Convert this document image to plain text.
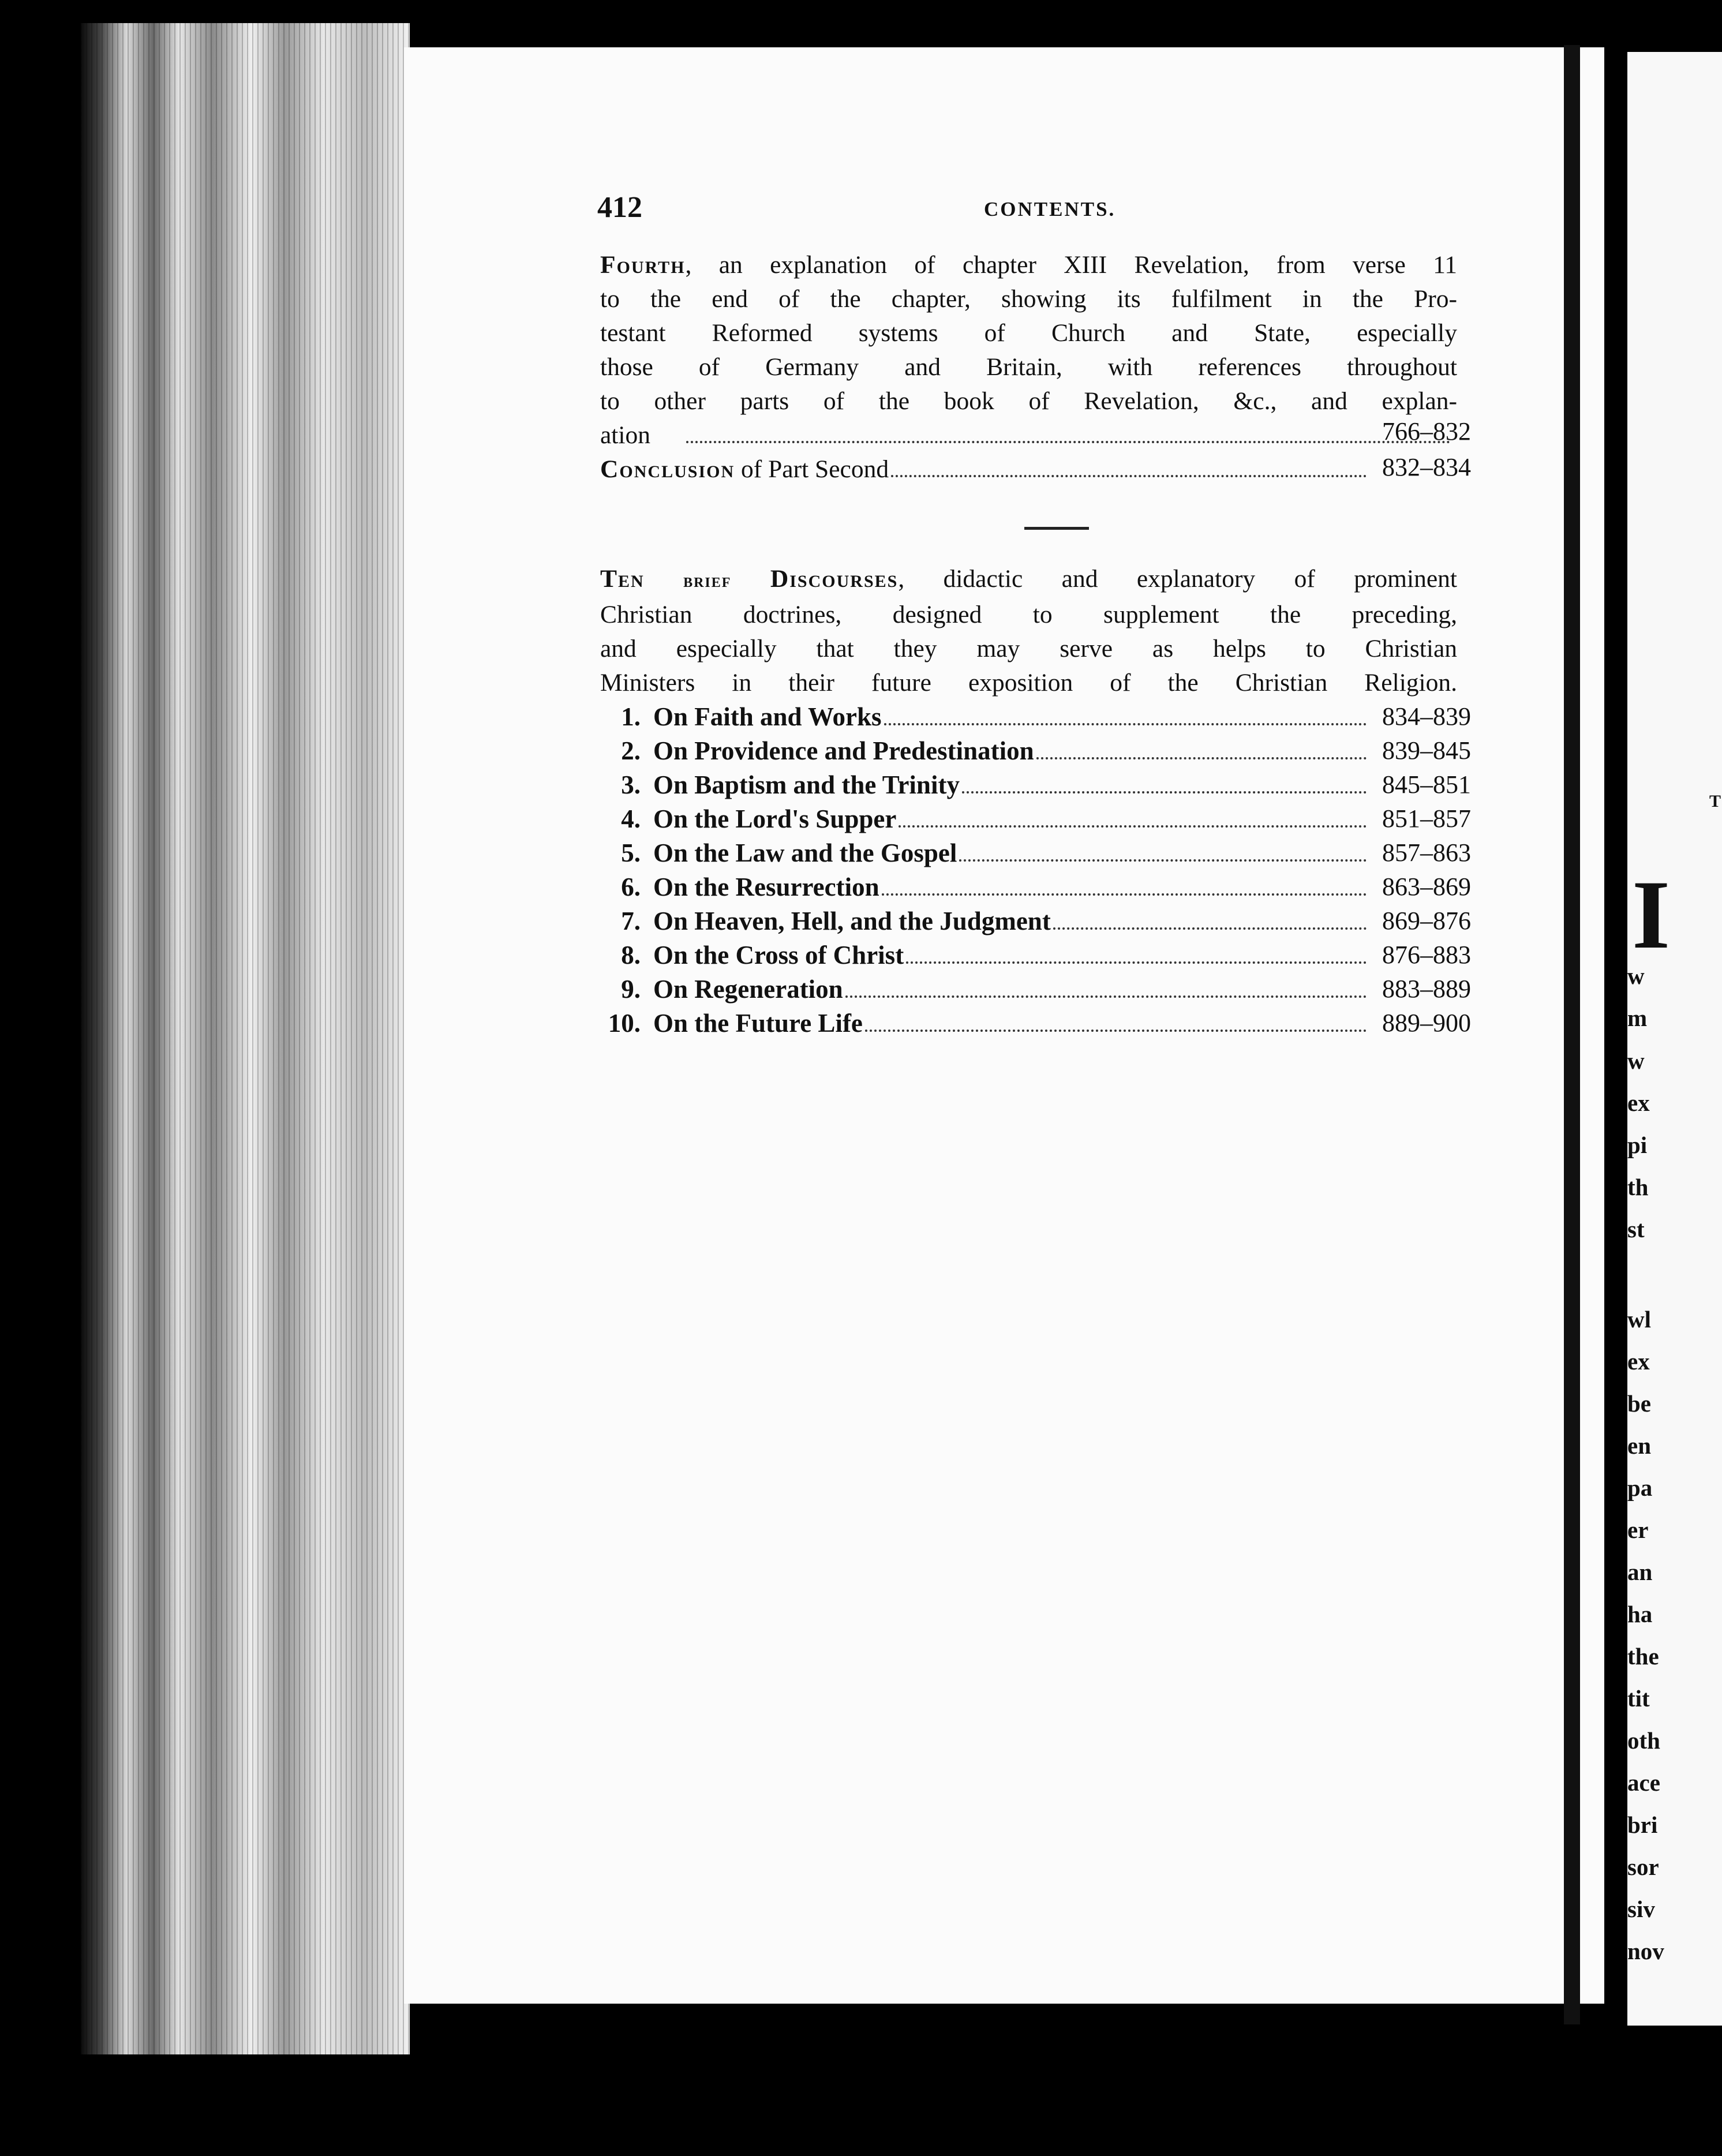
412	CONTENTS.
Fourth, an explanation of chapter XIII Revelation, from verse 11
to the end of the chapter, showing its fulfilment in the Pro-
testant Reformed systems of Church and State, especially
those of Germany and Britain, with references throughout
to other parts of the book of Revelation, &c., and explan-
ation	766–832
Conclusion of Part Second	832–834
Ten brief Discourses, didactic and explanatory of prominent
Christian doctrines, designed to supplement the preceding,
and especially that they may serve as helps to Christian
Ministers in their future exposition of the Christian Religion.
1. On Faith and Works	834–839
2. On Providence and Predestination	839–845
3. On Baptism and the Trinity	845–851
4. On the Lord's Supper	851–857
5. On the Law and the Gospel	857–863
6. On the Resurrection	863–869
7. On Heaven, Hell, and the Judgment	869–876
8. On the Cross of Christ	876–883
9. On Regeneration	883–889
10. On the Future Life	889–900
T
I
w
m
w
ex
pi
th
st
wl
ex
be
en
pa
er
an
ha
the
tit
oth
ace
bri
sor
siv
nov
